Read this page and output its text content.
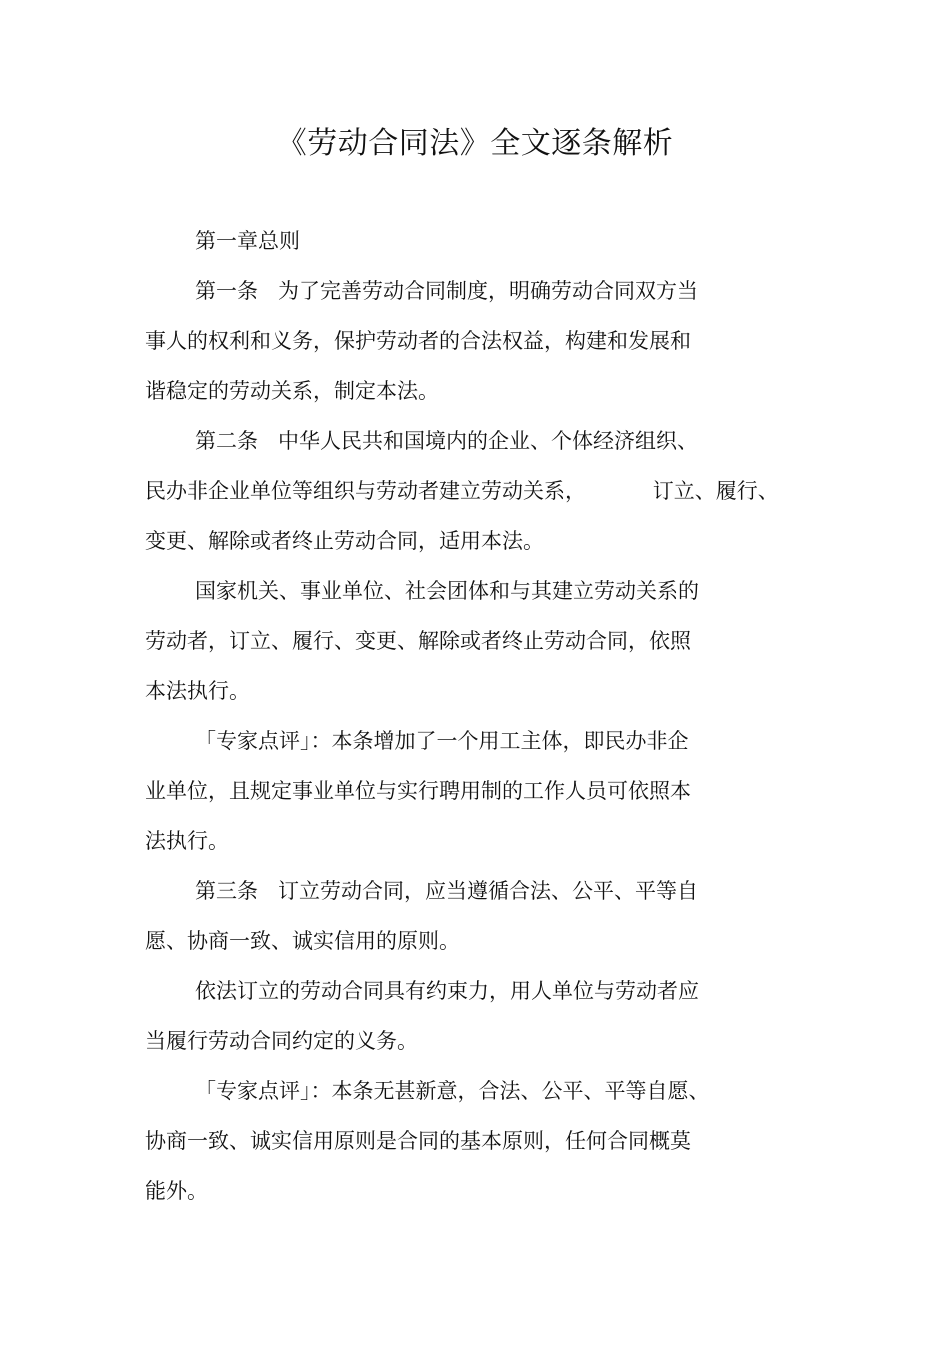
《劳动合同法》全文逐条解析
第一章总则
第一条   为了完善劳动合同制度，明确劳动合同双方当
事人的权利和义务，保护劳动者的合法权益，构建和发展和
谐稳定的劳动关系，制定本法。
第二条   中华人民共和国境内的企业、个体经济组织、
民办非企业单位等组织与劳动者建立劳动关系，          订立、履行、
变更、解除或者终止劳动合同，适用本法。
国家机关、事业单位、社会团体和与其建立劳动关系的
劳动者，订立、履行、变更、解除或者终止劳动合同，依照
本法执行。
「专家点评」：本条增加了一个用工主体，即民办非企
业单位，且规定事业单位与实行聘用制的工作人员可依照本
法执行。
第三条   订立劳动合同，应当遵循合法、公平、平等自
愿、协商一致、诚实信用的原则。
依法订立的劳动合同具有约束力，用人单位与劳动者应
当履行劳动合同约定的义务。
「专家点评」：本条无甚新意，合法、公平、平等自愿、
协商一致、诚实信用原则是合同的基本原则，任何合同概莫
能外。
